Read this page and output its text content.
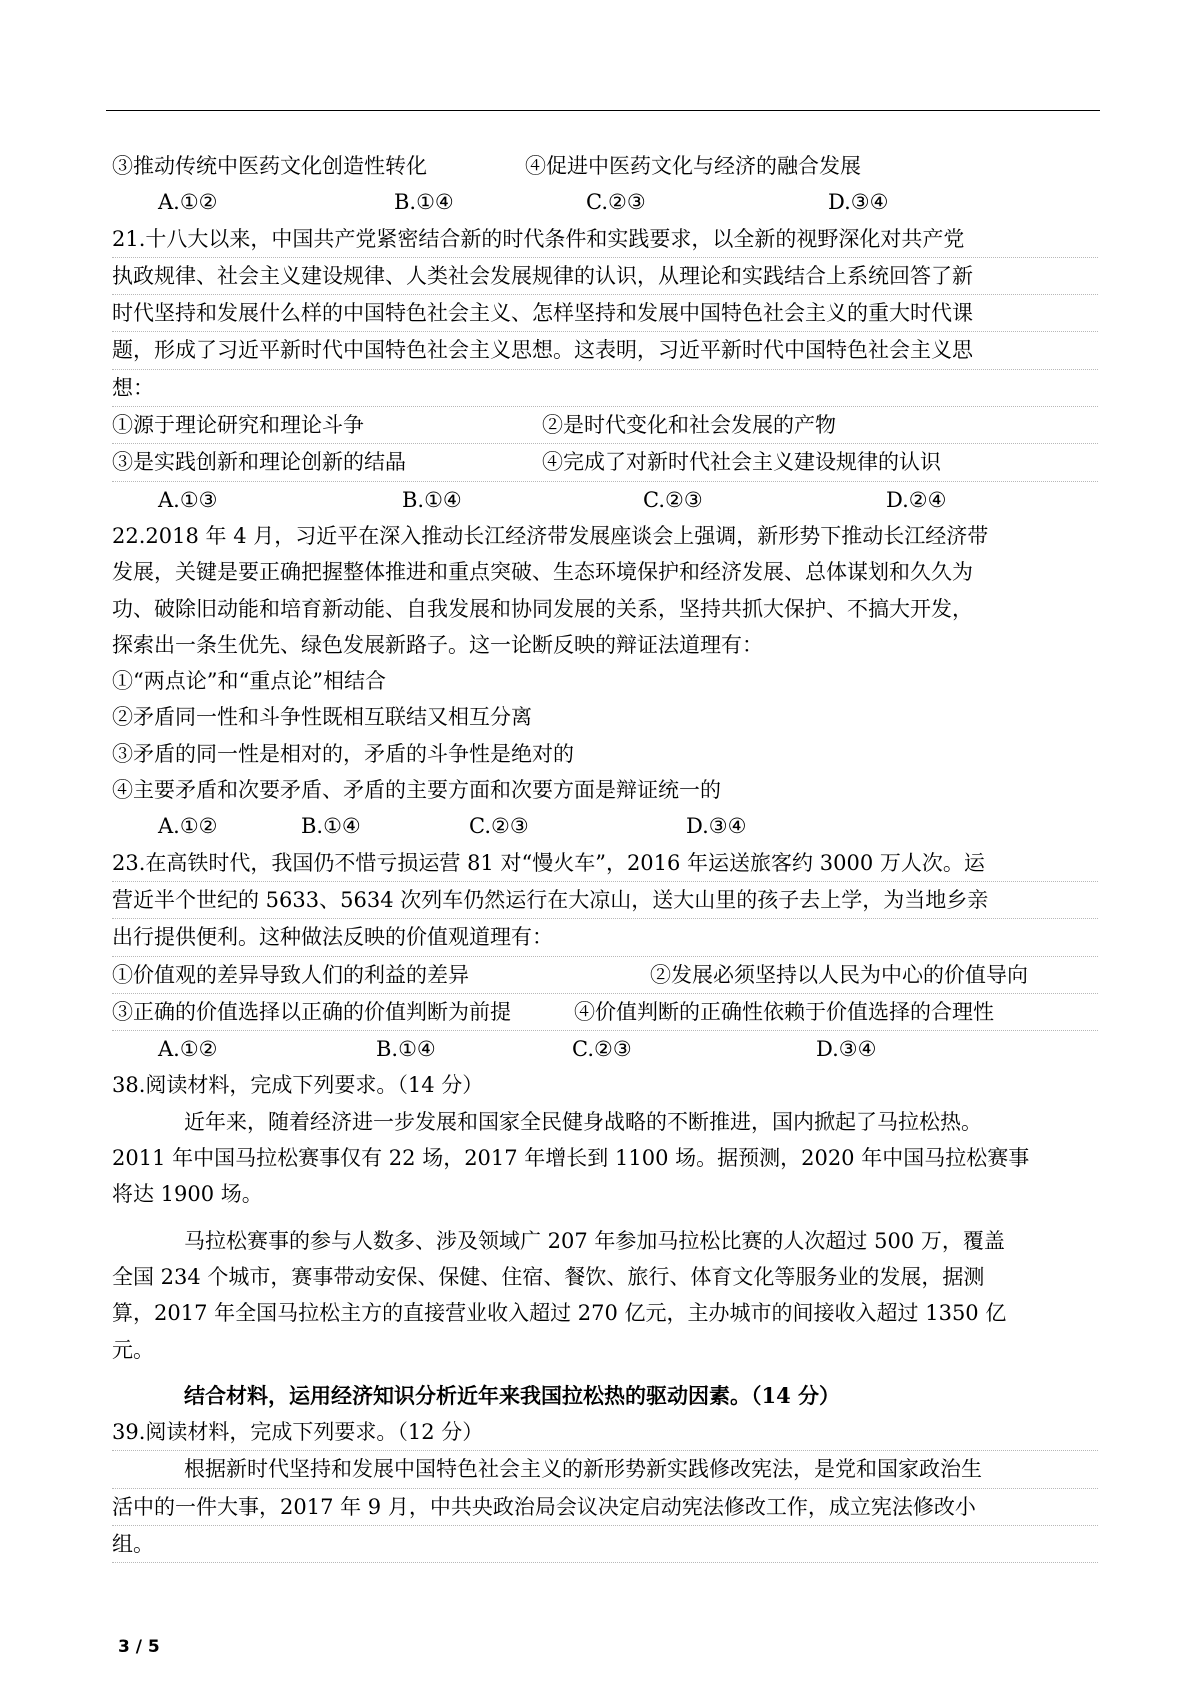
③推动传统中医药文化创造性转化	④促进中医药文化与经济的融合发展
A.①②	B.①④	C.②③	D.③④
21.十八大以来，中国共产党紧密结合新的时代条件和实践要求，以全新的视野深化对共产党
执政规律、社会主义建设规律、人类社会发展规律的认识，从理论和实践结合上系统回答了新
时代坚持和发展什么样的中国特色社会主义、怎样坚持和发展中国特色社会主义的重大时代课
题，形成了习近平新时代中国特色社会主义思想。这表明，习近平新时代中国特色社会主义思
想：
①源于理论研究和理论斗争	②是时代变化和社会发展的产物
③是实践创新和理论创新的结晶	④完成了对新时代社会主义建设规律的认识
A.①③	B.①④	C.②③	D.②④
22.2018 年 4 月，习近平在深入推动长江经济带发展座谈会上强调，新形势下推动长江经济带
发展，关键是要正确把握整体推进和重点突破、生态环境保护和经济发展、总体谋划和久久为
功、破除旧动能和培育新动能、自我发展和协同发展的关系，坚持共抓大保护、不搞大开发，
探索出一条生优先、绿色发展新路子。这一论断反映的辩证法道理有：
①“两点论”和“重点论”相结合
②矛盾同一性和斗争性既相互联结又相互分离
③矛盾的同一性是相对的，矛盾的斗争性是绝对的
④主要矛盾和次要矛盾、矛盾的主要方面和次要方面是辩证统一的
A.①②	B.①④	C.②③	D.③④
23.在高铁时代，我国仍不惜亏损运营 81 对“慢火车”，2016 年运送旅客约 3000 万人次。运
营近半个世纪的 5633、5634 次列车仍然运行在大凉山，送大山里的孩子去上学，为当地乡亲
出行提供便利。这种做法反映的价值观道理有：
①价值观的差异导致人们的利益的差异	②发展必须坚持以人民为中心的价值导向
③正确的价值选择以正确的价值判断为前提	④价值判断的正确性依赖于价值选择的合理性
A.①②	B.①④	C.②③	D.③④
38.阅读材料，完成下列要求。（14 分）
近年来，随着经济进一步发展和国家全民健身战略的不断推进，国内掀起了马拉松热。
2011 年中国马拉松赛事仅有 22 场，2017 年增长到 1100 场。据预测，2020 年中国马拉松赛事
将达 1900 场。
马拉松赛事的参与人数多、涉及领域广 207 年参加马拉松比赛的人次超过 500 万，覆盖
全国 234 个城市，赛事带动安保、保健、住宿、餐饮、旅行、体育文化等服务业的发展，据测
算，2017 年全国马拉松主方的直接营业收入超过 270 亿元，主办城市的间接收入超过 1350 亿
元。
结合材料，运用经济知识分析近年来我国拉松热的驱动因素。（14 分）
39.阅读材料，完成下列要求。（12 分）
根据新时代坚持和发展中国特色社会主义的新形势新实践修改宪法，是党和国家政治生
活中的一件大事，2017 年 9 月，中共央政治局会议决定启动宪法修改工作，成立宪法修改小
组。
3 / 5
